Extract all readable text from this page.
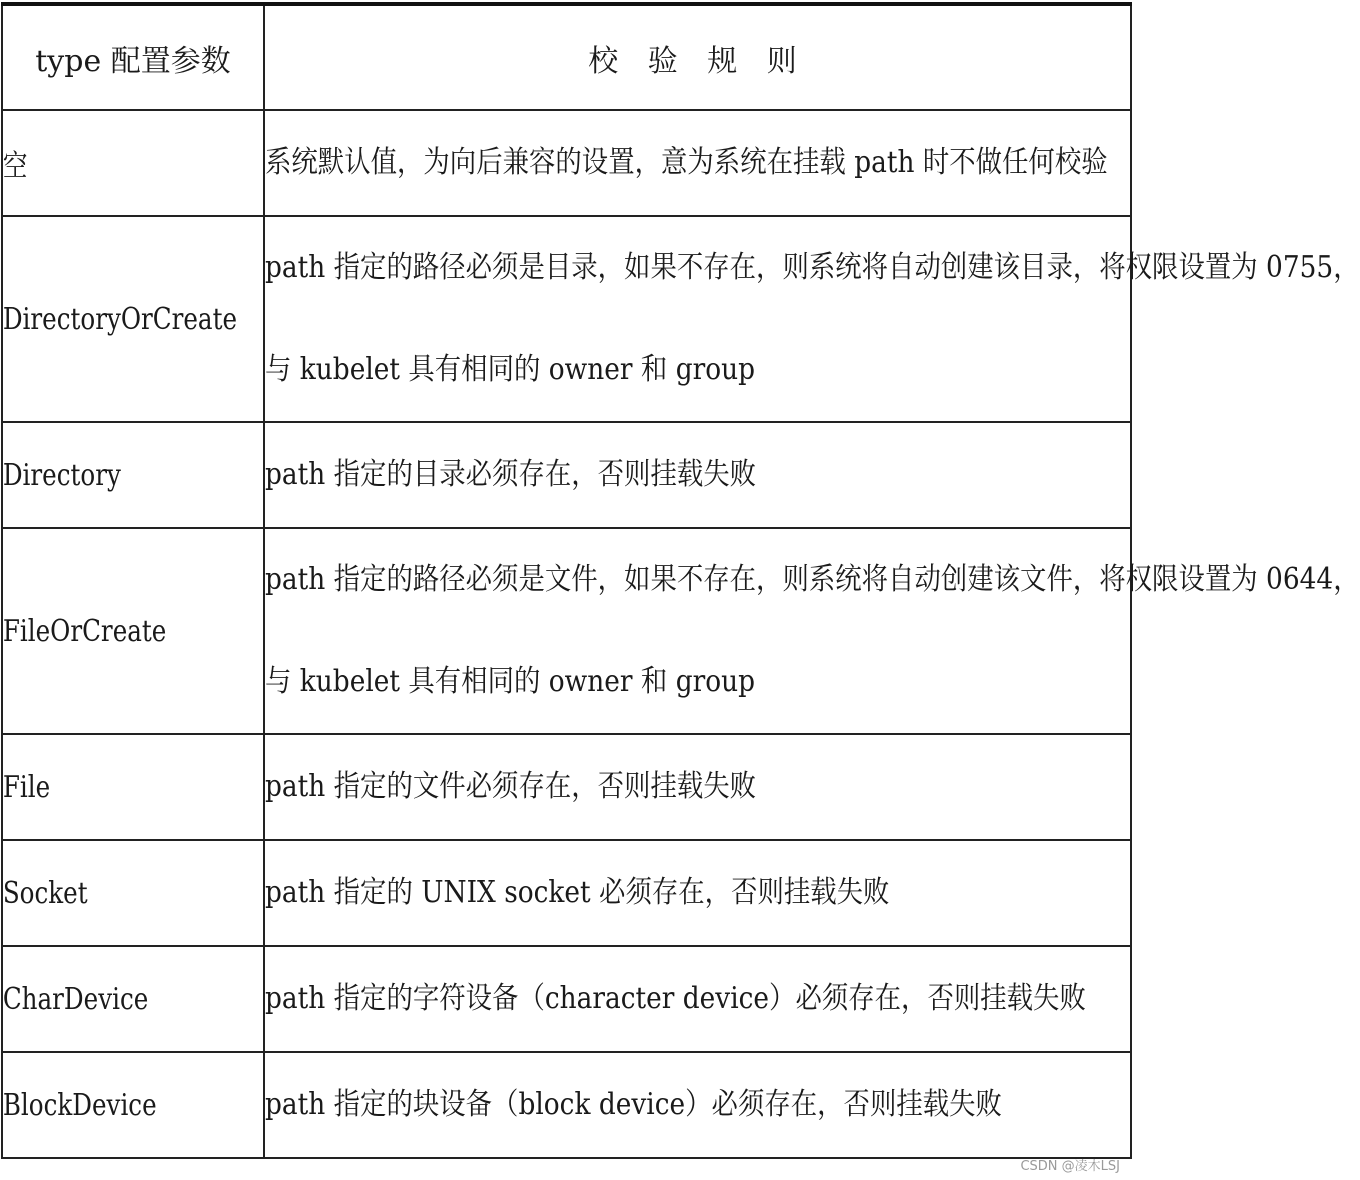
type 配置参数	校 验 规 则
空	系统默认值，为向后兼容的设置，意为系统在挂载 path 时不做任何校验

DirectoryOrCreate	path 指定的路径必须是目录，如果不存在，则系统将自动创建该目录，将权限设置为 0755，
与 kubelet 具有相同的 owner 和 group

Directory	path 指定的目录必须存在，否则挂载失败

FileOrCreate	path 指定的路径必须是文件，如果不存在，则系统将自动创建该文件，将权限设置为 0644，
与 kubelet 具有相同的 owner 和 group

File	path 指定的文件必须存在，否则挂载失败

Socket	path 指定的 UNIX socket 必须存在，否则挂载失败

CharDevice	path 指定的字符设备（character device）必须存在，否则挂载失败

BlockDevice	path 指定的块设备（block device）必须存在，否则挂载失败
CSDN @凌木LSJ
